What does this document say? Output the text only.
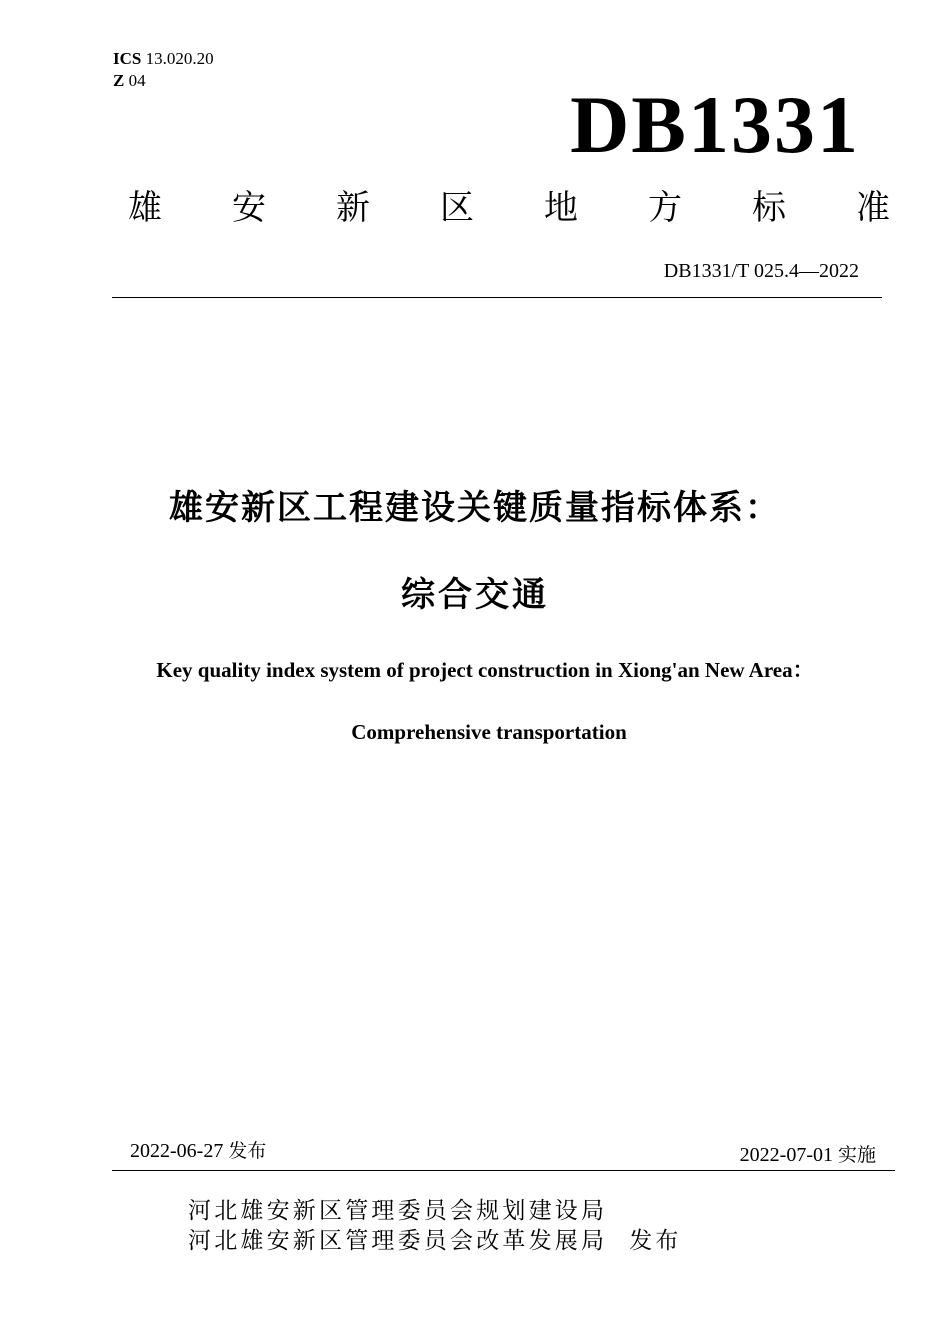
ICS 13.020.20
Z 04	DB1331
雄 安 新 区 地 方 标 准
DB1331/T 025.4—2022
雄安新区工程建设关键质量指标体系：
综合交通
Key quality index system of project construction in Xiong'an New Area：
Comprehensive transportation
2022-06-27 发布	2022-07-01 实施
河北雄安新区管理委员会规划建设局
河北雄安新区管理委员会改革发展局 发布
